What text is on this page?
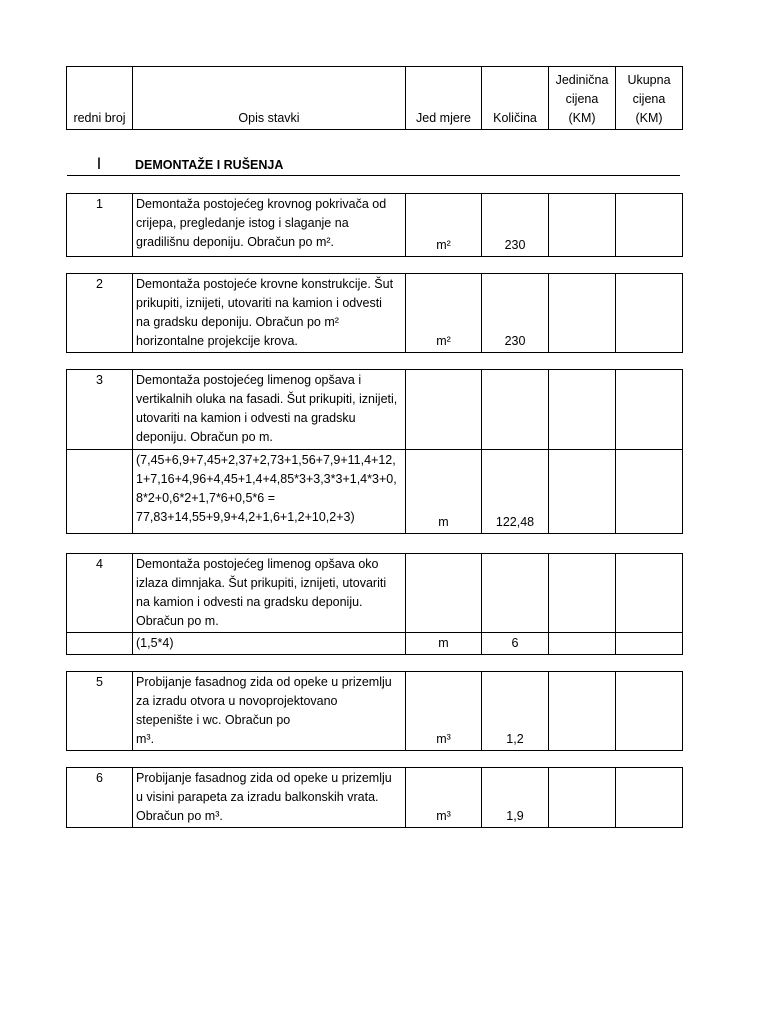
redni broj	Opis stavki	Jed mjere	Količina	Jedinična
cijena
(KM)	Ukupna
cijena
(KM)
I	DEMONTAŽE I RUŠENJA
1	Demontaža postojećeg krovnog pokrivača od
crijepa, pregledanje istog i slaganje na
gradilišnu deponiju. Obračun po m².	m²	230		
2	Demontaža postojeće krovne konstrukcije. Šut
prikupiti, iznijeti, utovariti na kamion i odvesti
na gradsku deponiju. Obračun po m²
horizontalne projekcije krova.	m²	230		
3	Demontaža postojećeg limenog opšava i
vertikalnih oluka na fasadi. Šut prikupiti, iznijeti,
utovariti na kamion i odvesti na gradsku
deponiju. Obračun po m.				
	(7,45+6,9+7,45+2,37+2,73+1,56+7,9+11,4+12,
1+7,16+4,96+4,45+1,4+4,85*3+3,3*3+1,4*3+0,
8*2+0,6*2+1,7*6+0,5*6 =
77,83+14,55+9,9+4,2+1,6+1,2+10,2+3)	m	122,48		
4	Demontaža postojećeg limenog opšava oko
izlaza dimnjaka. Šut prikupiti, iznijeti, utovariti
na kamion i odvesti na gradsku deponiju.
Obračun po m.				
	(1,5*4)	m	6		
5	Probijanje fasadnog zida od opeke u prizemlju
za izradu otvora u novoprojektovano
stepenište i wc. Obračun po
m³.	m³	1,2		
6	Probijanje fasadnog zida od opeke u prizemlju
u visini parapeta za izradu balkonskih vrata.
Obračun po m³.	m³	1,9		
